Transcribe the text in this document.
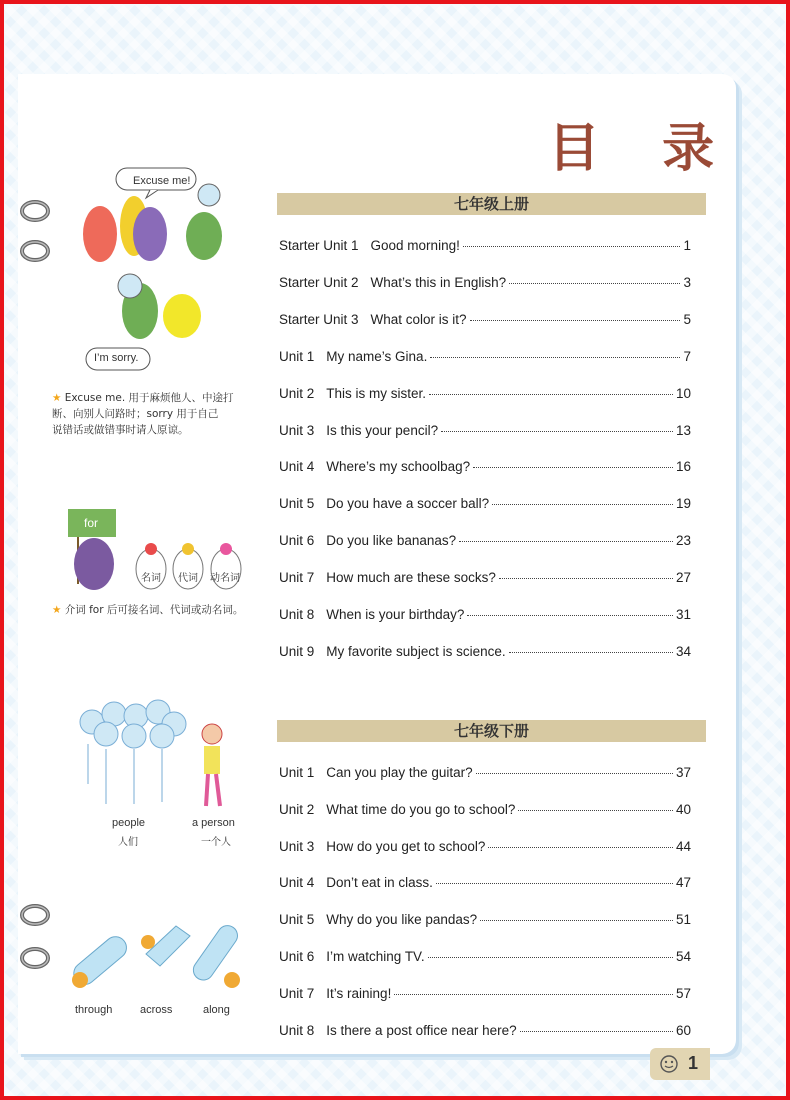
目 录
七年级上册
Starter Unit 1 Good morning!	1
Starter Unit 2 What’s this in English?	3
Starter Unit 3 What color is it?	5
Unit 1 My name’s Gina.	7
Unit 2 This is my sister.	10
Unit 3 Is this your pencil?	13
Unit 4 Where’s my schoolbag?	16
Unit 5 Do you have a soccer ball?	19
Unit 6 Do you like bananas?	23
Unit 7 How much are these socks?	27
Unit 8 When is your birthday?	31
Unit 9 My favorite subject is science.	34
七年级下册
Unit 1 Can you play the guitar?	37
Unit 2 What time do you go to school?	40
Unit 3 How do you get to school?	44
Unit 4 Don’t eat in class.	47
Unit 5 Why do you like pandas?	51
Unit 6 I’m watching TV.	54
Unit 7 It’s raining!	57
Unit 8 Is there a post office near here?	60
Excuse me!
I’m sorry.
★ Excuse me. 用于麻烦他人、中途打
断、向别人问路时；sorry 用于自己
说错话或做错事时请人原谅。
for
名词 代词 动名词
★ 介词 for 后可接名词、代词或动名词。
people
人们
a person
一个人
through	across	along
1
